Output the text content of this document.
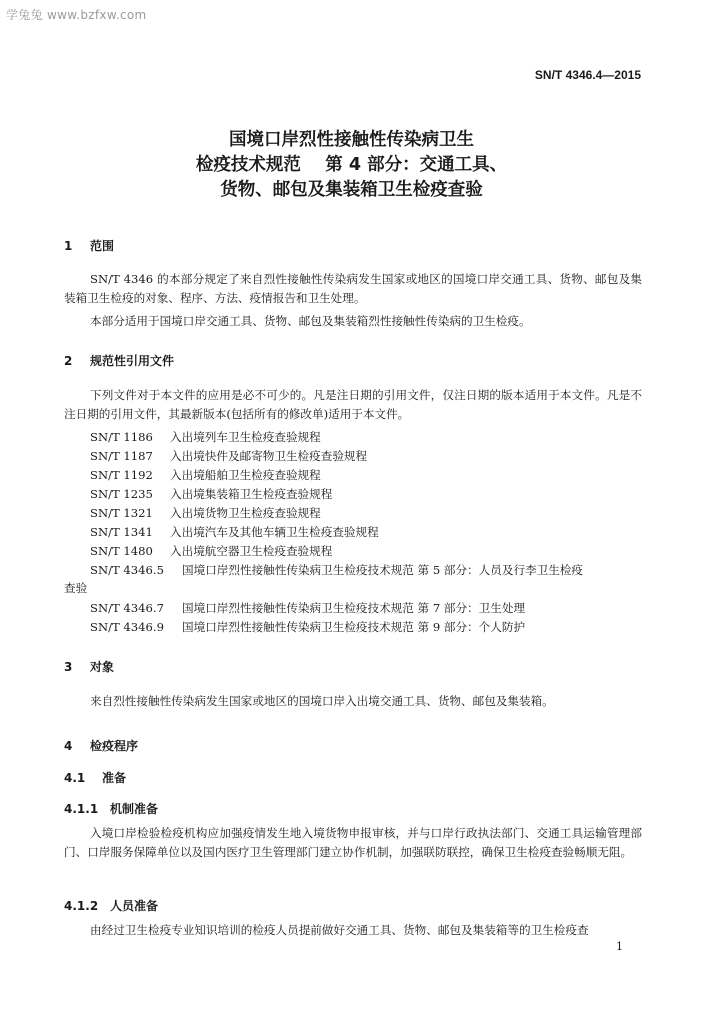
学兔兔 www.bzfxw.com
SN/T 4346.4—2015
国境口岸烈性接触性传染病卫生
检疫技术规范    第 4 部分：交通工具、
货物、邮包及集装箱卫生检疫查验
1 范围
SN/T 4346 的本部分规定了来自烈性接触性传染病发生国家或地区的国境口岸交通工具、货物、邮包及集装箱卫生检疫的对象、程序、方法、疫情报告和卫生处理。
本部分适用于国境口岸交通工具、货物、邮包及集装箱烈性接触性传染病的卫生检疫。
2 规范性引用文件
下列文件对于本文件的应用是必不可少的。凡是注日期的引用文件，仅注日期的版本适用于本文件。凡是不注日期的引用文件，其最新版本(包括所有的修改单)适用于本文件。
SN/T 1186 入出境列车卫生检疫查验规程
SN/T 1187 入出境快件及邮寄物卫生检疫查验规程
SN/T 1192 入出境船舶卫生检疫查验规程
SN/T 1235 入出境集装箱卫生检疫查验规程
SN/T 1321 入出境货物卫生检疫查验规程
SN/T 1341 入出境汽车及其他车辆卫生检疫查验规程
SN/T 1480 入出境航空器卫生检疫查验规程
SN/T 4346.5 国境口岸烈性接触性传染病卫生检疫技术规范 第 5 部分：人员及行李卫生检疫
查验
SN/T 4346.7 国境口岸烈性接触性传染病卫生检疫技术规范 第 7 部分：卫生处理
SN/T 4346.9 国境口岸烈性接触性传染病卫生检疫技术规范 第 9 部分：个人防护
3 对象
来自烈性接触性传染病发生国家或地区的国境口岸入出境交通工具、货物、邮包及集装箱。
4 检疫程序
4.1 准备
4.1.1 机制准备
入境口岸检验检疫机构应加强疫情发生地入境货物申报审核，并与口岸行政执法部门、交通工具运输管理部门、口岸服务保障单位以及国内医疗卫生管理部门建立协作机制，加强联防联控，确保卫生检疫查验畅顺无阻。
4.1.2 人员准备
由经过卫生检疫专业知识培训的检疫人员提前做好交通工具、货物、邮包及集装箱等的卫生检疫查
1
